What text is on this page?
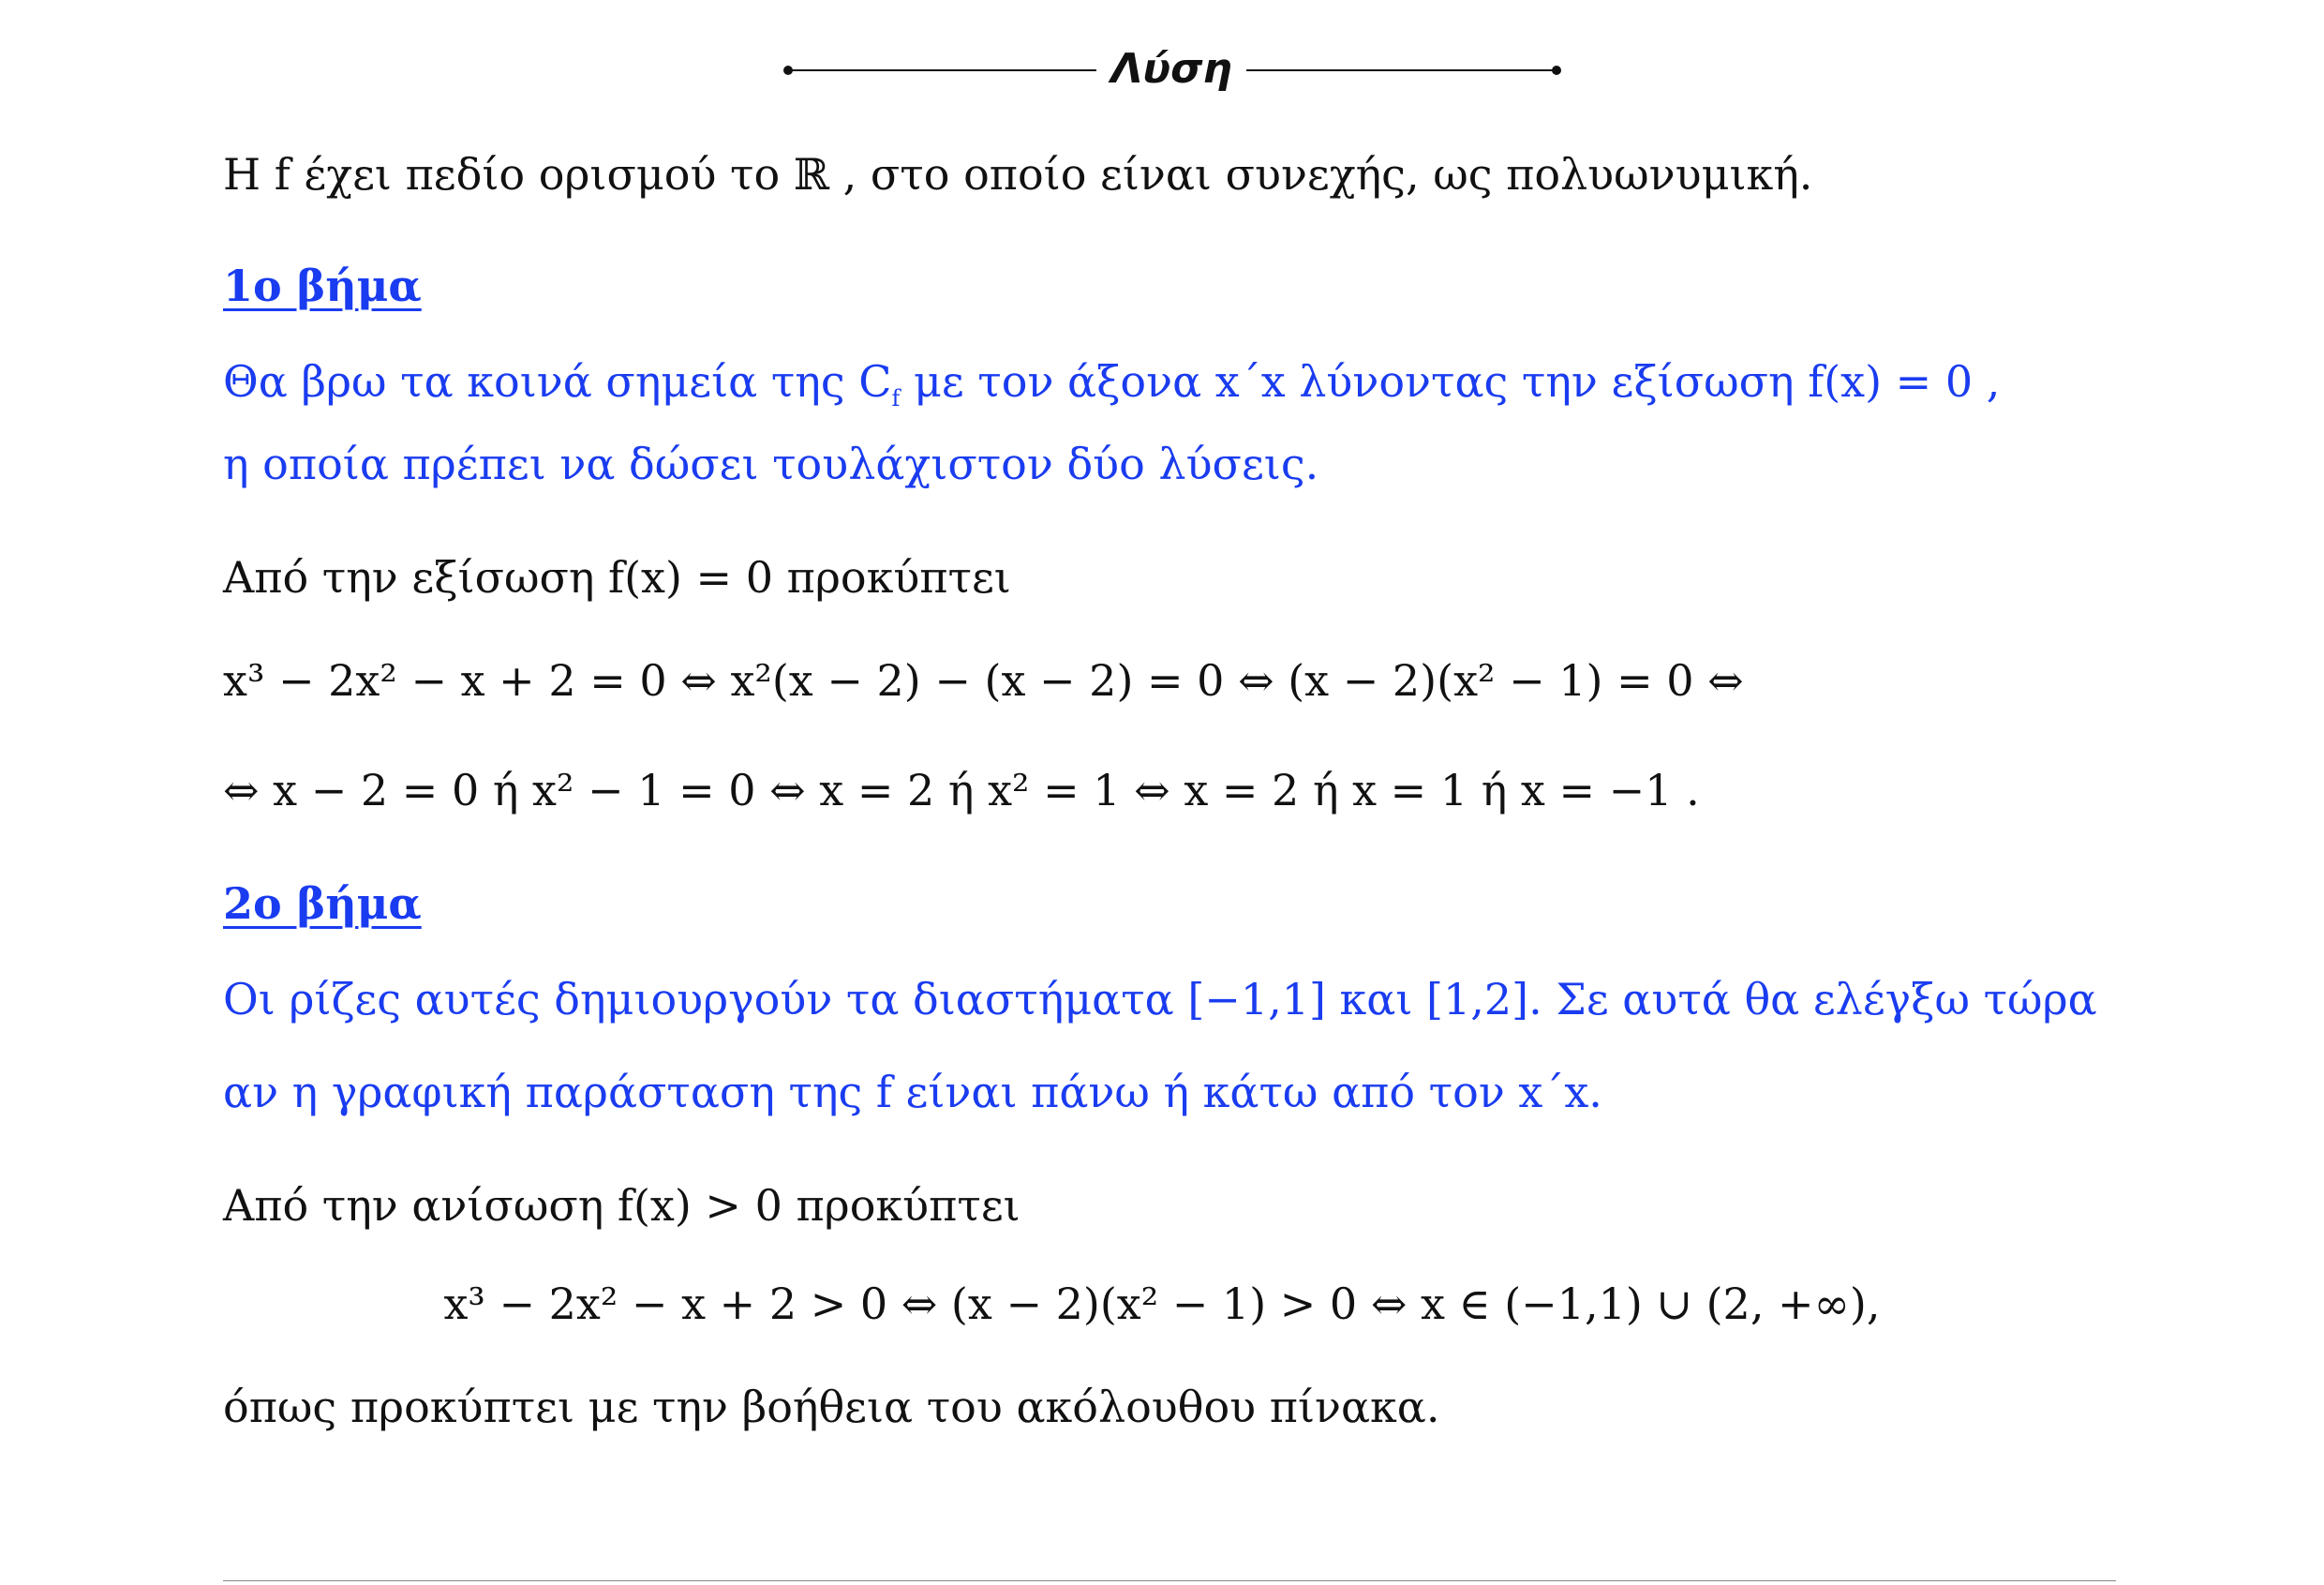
Λύση
Η f έχει πεδίο ορισμού το ℝ , στο οποίο είναι συνεχής, ως πολυωνυμική.
1ο βήμα
Θα βρω τα κοινά σημεία της $C_f$ με τον άξονα x΄x λύνοντας την εξίσωση f(x) = 0 ,
η οποία πρέπει να δώσει τουλάχιστον δύο λύσεις.
Από την εξίσωση f(x) = 0 προκύπτει
x³ − 2x² − x + 2 = 0 ⇔ x²(x − 2) − (x − 2) = 0 ⇔ (x − 2)(x² − 1) = 0 ⇔
⇔ x − 2 = 0 ή x² − 1 = 0 ⇔ x = 2 ή x² = 1 ⇔ x = 2 ή x = 1 ή x = −1 .
2ο βήμα
Οι ρίζες αυτές δημιουργούν τα διαστήματα [−1,1] και [1,2]. Σε αυτά θα ελέγξω τώρα
αν η γραφική παράσταση της f είναι πάνω ή κάτω από τον x΄x.
Από την ανίσωση f(x) > 0 προκύπτει
x³ − 2x² − x + 2 > 0 ⇔ (x − 2)(x² − 1) > 0 ⇔ x ∈ (−1,1) ∪ (2, +∞),
όπως προκύπτει με την βοήθεια του ακόλουθου πίνακα.
